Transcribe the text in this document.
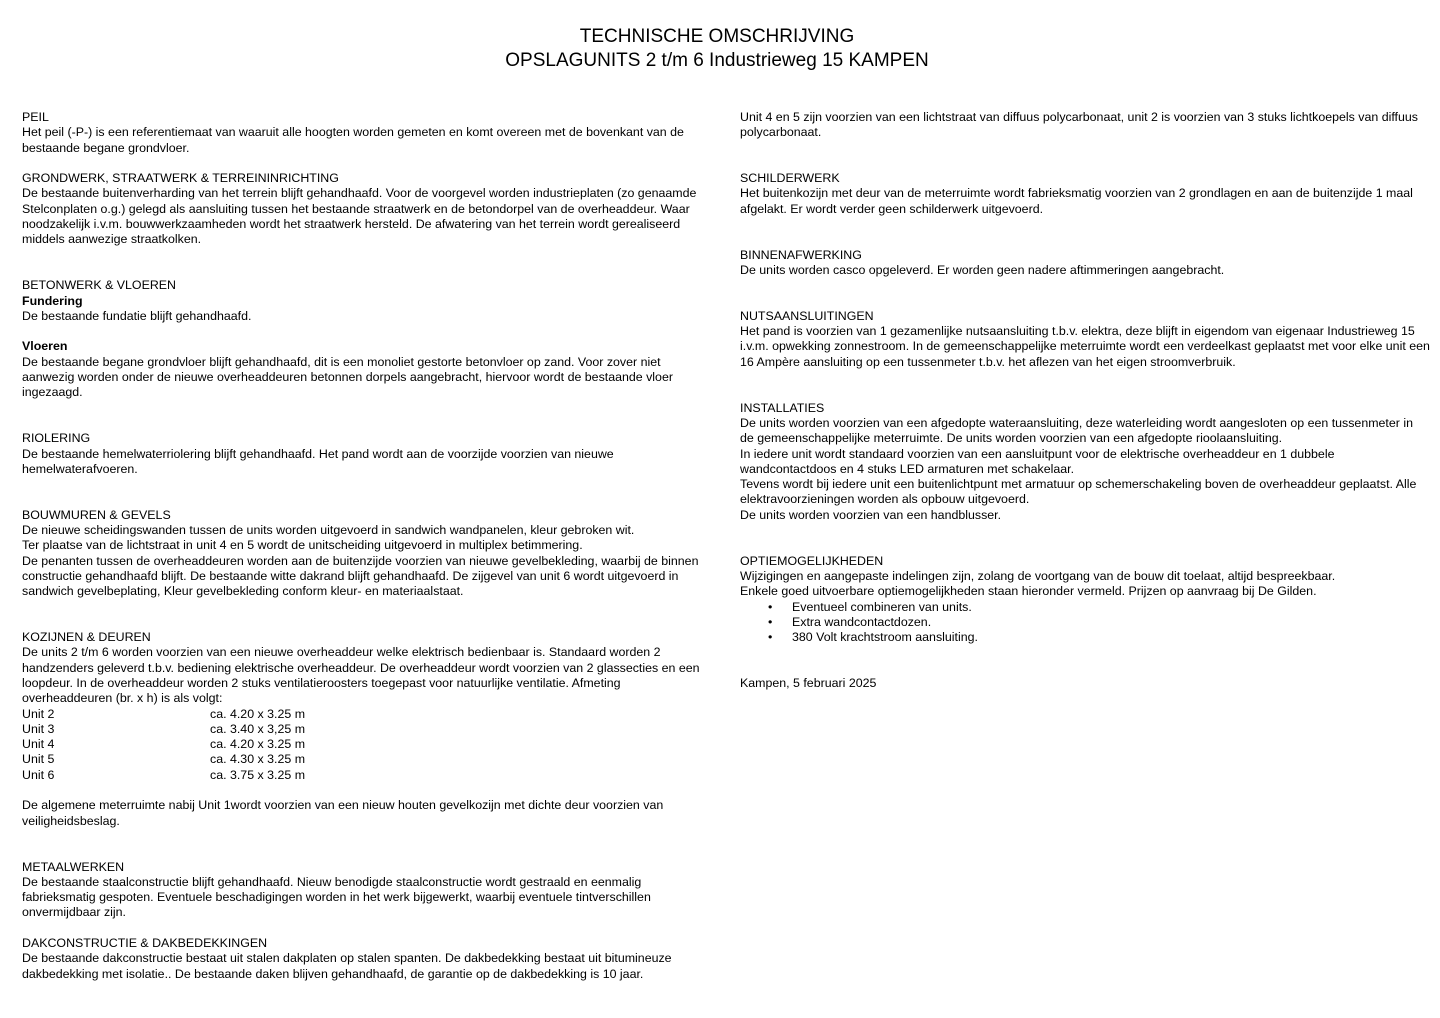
TECHNISCHE OMSCHRIJVING
OPSLAGUNITS 2 t/m 6 Industrieweg 15 KAMPEN
PEIL

Het peil (-P-) is een referentiemaat van waaruit alle hoogten worden gemeten en komt overeen met de bovenkant van de bestaande begane grondvloer.

GRONDWERK, STRAATWERK & TERREININRICHTING

De bestaande buitenverharding van het terrein blijft gehandhaafd. Voor de voorgevel worden industrieplaten (zo genaamde Stelconplaten o.g.) gelegd als aansluiting tussen het bestaande straatwerk en de betondorpel van de overheaddeur. Waar noodzakelijk i.v.m. bouwwerkzaamheden wordt het straatwerk hersteld. De afwatering van het terrein wordt gerealiseerd middels aanwezige straatkolken.

BETONWERK & VLOEREN
Fundering

De bestaande fundatie blijft gehandhaafd.

Vloeren

De bestaande begane grondvloer blijft gehandhaafd, dit is een monoliet gestorte betonvloer op zand. Voor zover niet aanwezig worden onder de nieuwe overheaddeuren betonnen dorpels aangebracht, hiervoor wordt de bestaande vloer ingezaagd.

RIOLERING

De bestaande hemelwaterriolering blijft gehandhaafd. Het pand wordt aan de voorzijde voorzien van nieuwe hemelwaterafvoeren.

BOUWMUREN & GEVELS

De nieuwe scheidingswanden tussen de units worden uitgevoerd in sandwich wandpanelen, kleur gebroken wit.

Ter plaatse van de lichtstraat in unit 4 en 5 wordt de unitscheiding uitgevoerd in multiplex betimmering.

De penanten tussen de overheaddeuren worden aan de buitenzijde voorzien van nieuwe gevelbekleding, waarbij de binnen constructie gehandhaafd blijft. De bestaande witte dakrand blijft gehandhaafd. De zijgevel van unit 6 wordt uitgevoerd in sandwich gevelbeplating, Kleur gevelbekleding conform kleur- en materiaalstaat.

KOZIJNEN & DEUREN

De units 2 t/m 6 worden voorzien van een nieuwe overheaddeur welke elektrisch bedienbaar is. Standaard worden 2 handzenders geleverd t.b.v. bediening elektrische overheaddeur. De overheaddeur wordt voorzien van 2 glassecties en een loopdeur. In de overheaddeur worden 2 stuks ventilatieroosters toegepast voor natuurlijke ventilatie. Afmeting overheaddeuren (br. x h) is als volgt:

Unit 2	ca. 4.20 x 3.25 m
Unit 3	ca. 3.40 x 3,25 m
Unit 4	ca. 4.20 x 3.25 m
Unit 5	ca. 4.30 x 3.25 m
Unit 6	ca. 3.75 x 3.25 m

De algemene meterruimte nabij Unit 1wordt voorzien van een nieuw houten gevelkozijn met dichte deur voorzien van veiligheidsbeslag.

METAALWERKEN

De bestaande staalconstructie blijft gehandhaafd. Nieuw benodigde staalconstructie wordt gestraald en eenmalig fabrieksmatig gespoten. Eventuele beschadigingen worden in het werk bijgewerkt, waarbij eventuele tintverschillen onvermijdbaar zijn.

DAKCONSTRUCTIE & DAKBEDEKKINGEN

De bestaande dakconstructie bestaat uit stalen dakplaten op stalen spanten. De dakbedekking bestaat uit bitumineuze dakbedekking met isolatie.. De bestaande daken blijven gehandhaafd, de garantie op de dakbedekking is 10 jaar.

Unit 4 en 5 zijn voorzien van een lichtstraat van diffuus polycarbonaat, unit 2 is voorzien van 3 stuks lichtkoepels van diffuus polycarbonaat.

SCHILDERWERK

Het buitenkozijn met deur van de meterruimte wordt fabrieksmatig voorzien van 2 grondlagen en aan de buitenzijde 1 maal afgelakt. Er wordt verder geen schilderwerk uitgevoerd.

BINNENAFWERKING

De units worden casco opgeleverd. Er worden geen nadere aftimmeringen aangebracht.

NUTSAANSLUITINGEN

Het pand is voorzien van 1 gezamenlijke nutsaansluiting t.b.v. elektra, deze blijft in eigendom van eigenaar Industrieweg 15 i.v.m. opwekking zonnestroom. In de gemeenschappelijke meterruimte wordt een verdeelkast geplaatst met voor elke unit een 16 Ampère aansluiting op een tussenmeter t.b.v. het aflezen van het eigen stroomverbruik.

INSTALLATIES

De units worden voorzien van een afgedopte wateraansluiting, deze waterleiding wordt aangesloten op een tussenmeter in de gemeenschappelijke meterruimte. De units worden voorzien van een afgedopte rioolaansluiting.

In iedere unit wordt standaard voorzien van een aansluitpunt voor de elektrische overheaddeur en 1 dubbele wandcontactdoos en 4 stuks LED armaturen met schakelaar.

Tevens wordt bij iedere unit een buitenlichtpunt met armatuur op schemerschakeling boven de overheaddeur geplaatst. Alle elektravoorzieningen worden als opbouw uitgevoerd.

De units worden voorzien van een handblusser.

OPTIEMOGELIJKHEDEN

Wijzigingen en aangepaste indelingen zijn, zolang de voortgang van de bouw dit toelaat, altijd bespreekbaar.

Enkele goed uitvoerbare optiemogelijkheden staan hieronder vermeld. Prijzen op aanvraag bij De Gilden.

• Eventueel combineren van units.
• Extra wandcontactdozen.
• 380 Volt krachtstroom aansluiting.

Kampen, 5 februari 2025
